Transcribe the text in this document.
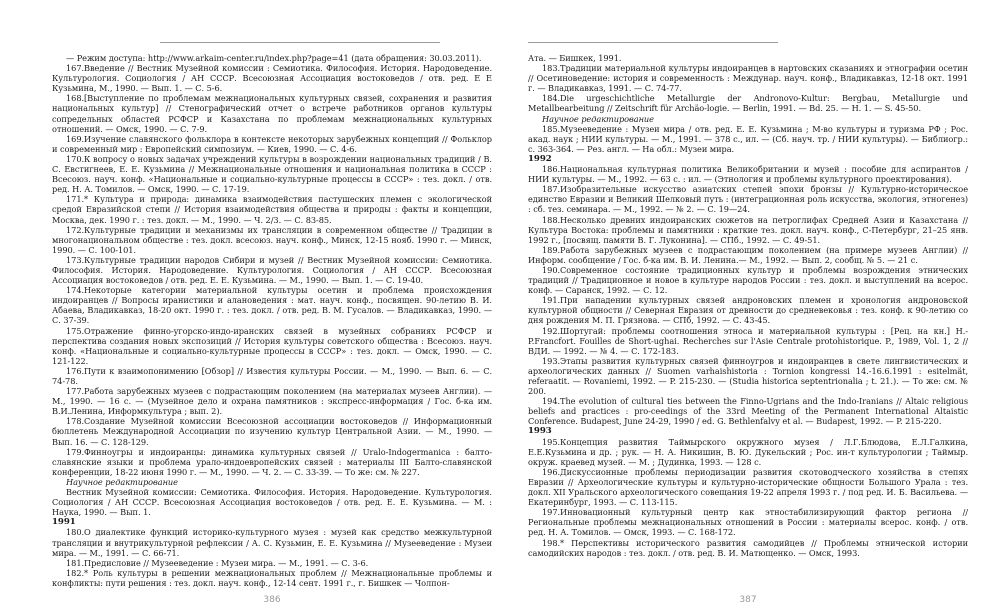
— Режим доступа: http://www.arkaim-center.ru/index.php?page=41 (дата обращения: 30.03.2011).

167.Введение // Вестник Музейной комиссии : Семиотика. Философия. История. Народоведение. Культурология. Социология / АН СССР. Всесоюзная Ассоциация востоковедов / отв. ред. Е Е Кузьмина, М., 1990. — Вып. 1. — С. 5-6.

168.[Выступление по проблемам межнациональных культурных связей, сохранения и развития национальных культур] // Стенографический отчет о встрече работников органов культуры сопредельных областей РСФСР и Казахстана по проблемам межнациональных культурных отношений. — Омск, 1990. — С. 7-9.

169.Изучение славянского фольклора в контексте некоторых зарубежных концепций // Фольклор и современный мир : Европейский симпозиум. — Киев, 1990. — С. 4-6.

170.К вопросу о новых задачах учреждений культуры в возрождении национальных традиций / В. С. Евстигнеев, Е. Е. Кузьмина // Межнациональные отношения и национальная политика в СССР : Всесоюз. науч. конф. «Национальные и социально-культурные процессы в СССР» : тез. докл. / отв. ред. Н. А. Томилов. — Омск, 1990. — С. 17-19.

171.* Культура и природа: динамика взаимодействия пастушеских племен с экологической средой Евразийской степи // История взаимодействия общества и природы : факты и концепции, Москва, дек. 1990 г. : тез. докл. — М., 1990. — Ч. 2/3. — С. 83-85.

172.Культурные традиции и механизмы их трансляции в современном обществе // Традиции в многонациональном обществе : тез. докл. всесоюз. науч. конф., Минск, 12-15 нояб. 1990 г. — Минск, 1990. — С. 100-101.

173.Культурные традиции народов Сибири и музей // Вестник Музейной комиссии: Семиотика. Философия. История. Народоведение. Культурология. Социология / АН СССР. Всесоюзная Ассоциация востоковедов / отв. ред. Е. Е. Кузьмина. — М., 1990. — Вып. 1. — С. 19-40.

174.Некоторые категории материальной культуры осетин и проблема происхождения индоиранцев // Вопросы иранистики и алановедения : мат. науч. конф., посвящен. 90-летию В. И. Абаева, Владикавказ, 18-20 окт. 1990 г. : тез. докл. / отв. ред. В. М. Гусалов. — Владикавказ, 1990. — С. 37-39.

175.Отражение финно-угорско-индо-иранских связей в музейных собраниях РСФСР и перспектива создания новых экспозиций // История культуры советского общества : Всесоюз. науч. конф. «Национальные и социально-культурные процессы в СССР» : тез. докл. — Омск, 1990. — С. 121-122.

176.Пути к взаимопонимению [Обзор] // Известия культуры России. — М., 1990. — Вып. 6. — С. 74-78.

177.Работа зарубежных музеев с подрастающим поколением (на материалах музеев Англии). — М., 1990. — 16 с. — (Музейное дело и охрана памятников : экспресс-информация / Гос. б-ка им. В.И.Ленина, Информкультура ; вып. 2).

178.Создание Музейной комиссии Всесоюзной ассоциации востоковедов // Информационный бюллетень Международной Ассоциации по изучению культур Центральной Азии. — М., 1990. — Вып. 16. — С. 128-129.

179.Финноугры и индоиранцы: динамика культурных связей // Uralo-Indogermanica : балто-славянские языки и проблема урало-индоевропейских связей : материалы III Балто-славянской конференции, 18-22 июня 1990 г. — М., 1990. — Ч. 2. — С. 33-39. — То же: см. № 227.

Научное редактирование

Вестник Музейной комиссии: Семиотика. Философия. История. Народоведение. Культурология. Социология / АН СССР. Всесоюзная Ассоциация востоковедов / отв. ред. Е. Е. Кузьмина. — М. : Наука, 1990. — Вып. 1.

1991

180.О диалектике функций историко-культурного музея : музей как средство межкультурной трансляции и внутрикультурной рефлексии / А. С. Кузьмин, Е. Е. Кузьмина // Музееведение : Музеи мира. — М., 1991. — С. 66-71.

181.Предисловие // Музееведение : Музеи мира. — М., 1991. — С. 3-6.

182.* Роль культуры в решении межнациональных проблем // Межнациональные проблемы и конфликты: пути решения : тез. докл. науч. конф., 12-14 сент. 1991 г., г. Бишкек — Чолпон-

386

Ата. — Бишкек, 1991.

183.Традиции материальной культуры индоиранцев в нартовских сказаниях и этнографии осетин // Осетиноведение: история и современность : Междунар. науч. конф., Владикавказ, 12-18 окт. 1991 г. — Владикавказ, 1991. — С. 74-77.

184.Die urgeschichtliche Metallurgie der Andronovo-Kultur: Bergbau, Metallurgie und Metallbearbeitung // Zeitschrift für Archäo-logie. — Berlin, 1991. — Bd. 25. — Н. 1. — S. 45-50.

Научное редактирование

185.Музееведение : Музеи мира / отв. ред. Е. Е. Кузьмина ; М-во культуры и туризма РФ ; Рос. акад. наук ; НИИ культуры. — М., 1991. — 378 с., ил. — (Сб. науч. тр. / НИИ культуры). — Библиогр.: с. 363-364. — Рез. англ. — На обл.: Музеи мира.

1992

186.Национальная культурная политика Великобритании и музей : пособие для аспирантов / НИИ культуры. — М., 1992. — 63 с. : ил. — (Этнология и проблемы культурного проектирования).

187.Изобразительные искусство азиатских степей эпохи бронзы // Культурно-историческое единство Евразии и Великий Шелковый путь : (интеграционная роль искусства, экология, этногенез) : сб. тез. семинара. — М., 1992. — № 2. — С. 19—24.

188.Несколько древних индоиранских сюжетов на петроглифах Средней Азии и Казахстана // Культура Востока: проблемы и памятники : краткие тез. докл. науч. конф., С-Петербург, 21–25 янв. 1992 г., [посвящ. памяти В. Г. Луконина]. — СПб., 1992. — С. 49-51.

189.Работа зарубежных музеев с подрастающим поколением (на примере музеев Англии) // Информ. сообщение / Гос. б-ка им. В. И. Ленина.— М., 1992. — Вып. 2, сообщ. № 5. — 21 с.

190.Современное состояние традиционных культур и проблемы возрождения этнических традиций // Традиционное и новое в культуре народов России : тез. докл. и выступлений на всерос. конф. — Саранск, 1992. — С. 12.

191.При нападении культурных связей андроновских племен и хронология андроновской культурной общности // Северная Евразия от древности до средневековья : тез. конф. к 90-летию со дня рождения М. П. Грязнова. — СПб, 1992. — С. 43-45.

192.Шортугай: проблемы соотношения этноса и материальной культуры : [Рец. на кн.] H.-P.Francfort. Fouilles de Short-ughai. Recherches sur l'Asie Centrale protohistorique. P., 1989, Vol. 1, 2 // ВДИ. — 1992. — № 4. — С. 172-183.

193.Этапы развития культурных связей финноугров и индоиранцев в свете лингвистических и археологических данных // Suomen varhaishistoria : Tornion kongressi 14.-16.6.1991 : esitelmät, referaatit. — Rovaniemi, 1992. — P. 215-230. — (Studia historica septentrionalia ; t. 21.). — То же: см. № 200.

194.The evolution of cultural ties between the Finno-Ugrians and the Indo-Iranians // Altaic religious beliefs and practices : pro-ceedings of the 33rd Meeting of the Permanent International Altaistic Conference. Budapest, June 24-29, 1990 / ed. G. Bethlenfalvy et al. — Budapest, 1992. — P. 215-220.

1993

195.Концепция развития Таймырского окружного музея / Л.Г.Блюдова, Е.Л.Галкина, Е.Е.Кузьмина и др. ; рук. — Н. А. Никишин, В. Ю. Дукельский ; Рос. ин-т культурологии ; Таймыр. окруж. краевед музей. — М. ; Дудинка, 1993. — 128 с.

196.Дискуссионные проблемы периодизации развития скотоводческого хозяйства в степях Евразии // Археологические культуры и культурно-исторические общности Большого Урала : тез. докл. XII Уральского археологического совещания 19-22 апреля 1993 г. / под ред. И. Б. Васильева. — Екатеринбург, 1993. — С. 113-115.

197.Инновационный культурный центр как этностабилизирующий фактор региона // Региональные проблемы межнациональных отношений в России : материалы всерос. конф. / отв. ред. Н. А. Томилов. — Омск, 1993. — С. 168-172.

198.* Перспективы исторического развития самодийцев // Проблемы этнической истории самодийских народов : тез. докл. / отв. ред. В. И. Матющенко. — Омск, 1993.

387
